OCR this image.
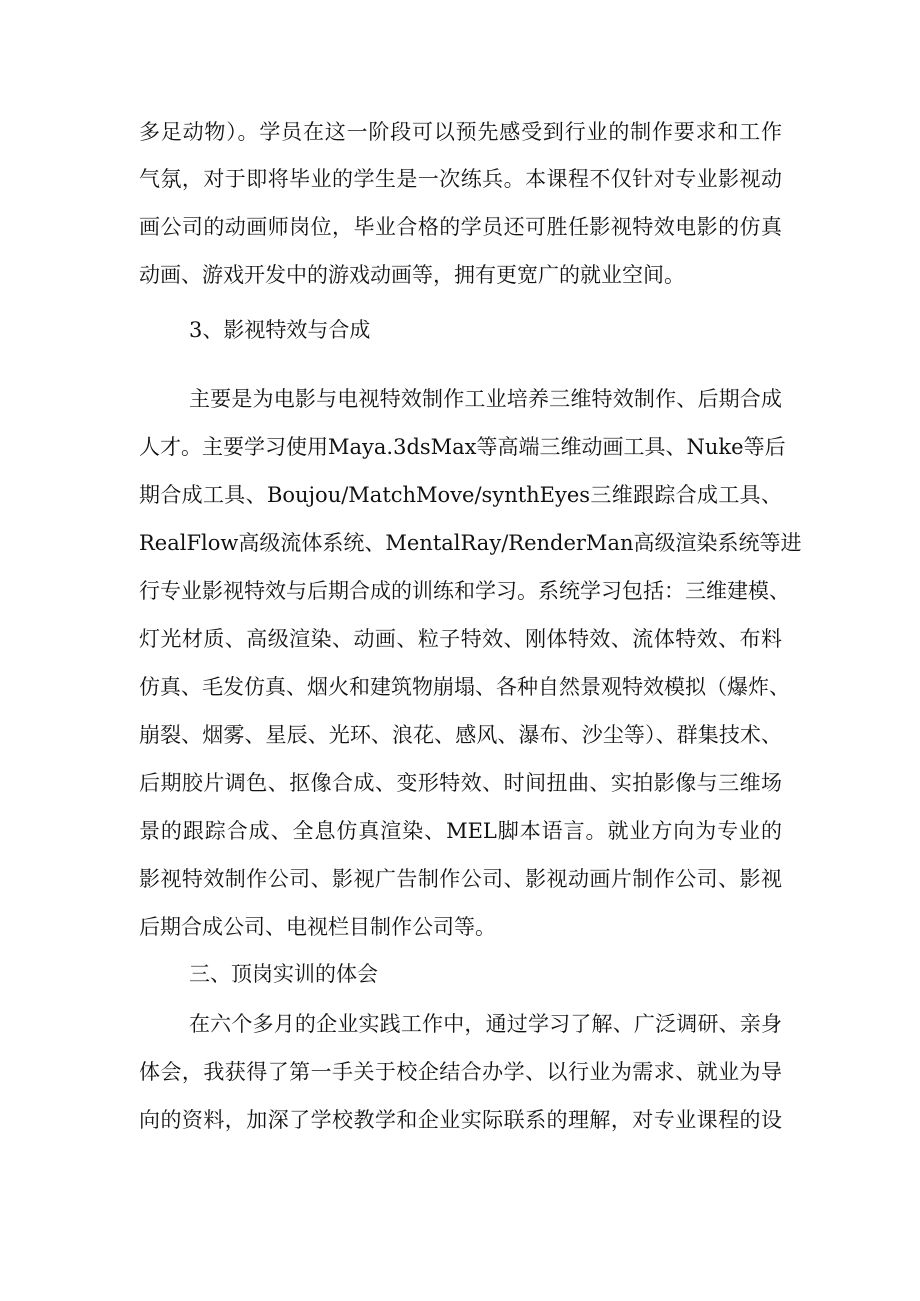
多足动物）。学员在这一阶段可以预先感受到行业的制作要求和工作
气氛，对于即将毕业的学生是一次练兵。本课程不仅针对专业影视动
画公司的动画师岗位，毕业合格的学员还可胜任影视特效电影的仿真
动画、游戏开发中的游戏动画等，拥有更宽广的就业空间。
3、影视特效与合成
主要是为电影与电视特效制作工业培养三维特效制作、后期合成
人才。主要学习使用Maya.3dsMax等高端三维动画工具、Nuke等后
期合成工具、Boujou/MatchMove/synthEyes三维跟踪合成工具、
RealFlow高级流体系统、MentalRay/RenderMan高级渲染系统等进
行专业影视特效与后期合成的训练和学习。系统学习包括：三维建模、
灯光材质、高级渲染、动画、粒子特效、刚体特效、流体特效、布料
仿真、毛发仿真、烟火和建筑物崩塌、各种自然景观特效模拟（爆炸、
崩裂、烟雾、星辰、光环、浪花、感风、瀑布、沙尘等）、群集技术、
后期胶片调色、抠像合成、变形特效、时间扭曲、实拍影像与三维场
景的跟踪合成、全息仿真渲染、MEL脚本语言。就业方向为专业的
影视特效制作公司、影视广告制作公司、影视动画片制作公司、影视
后期合成公司、电视栏目制作公司等。
三、顶岗实训的体会
在六个多月的企业实践工作中，通过学习了解、广泛调研、亲身
体会，我获得了第一手关于校企结合办学、以行业为需求、就业为导
向的资料，加深了学校教学和企业实际联系的理解，对专业课程的设
